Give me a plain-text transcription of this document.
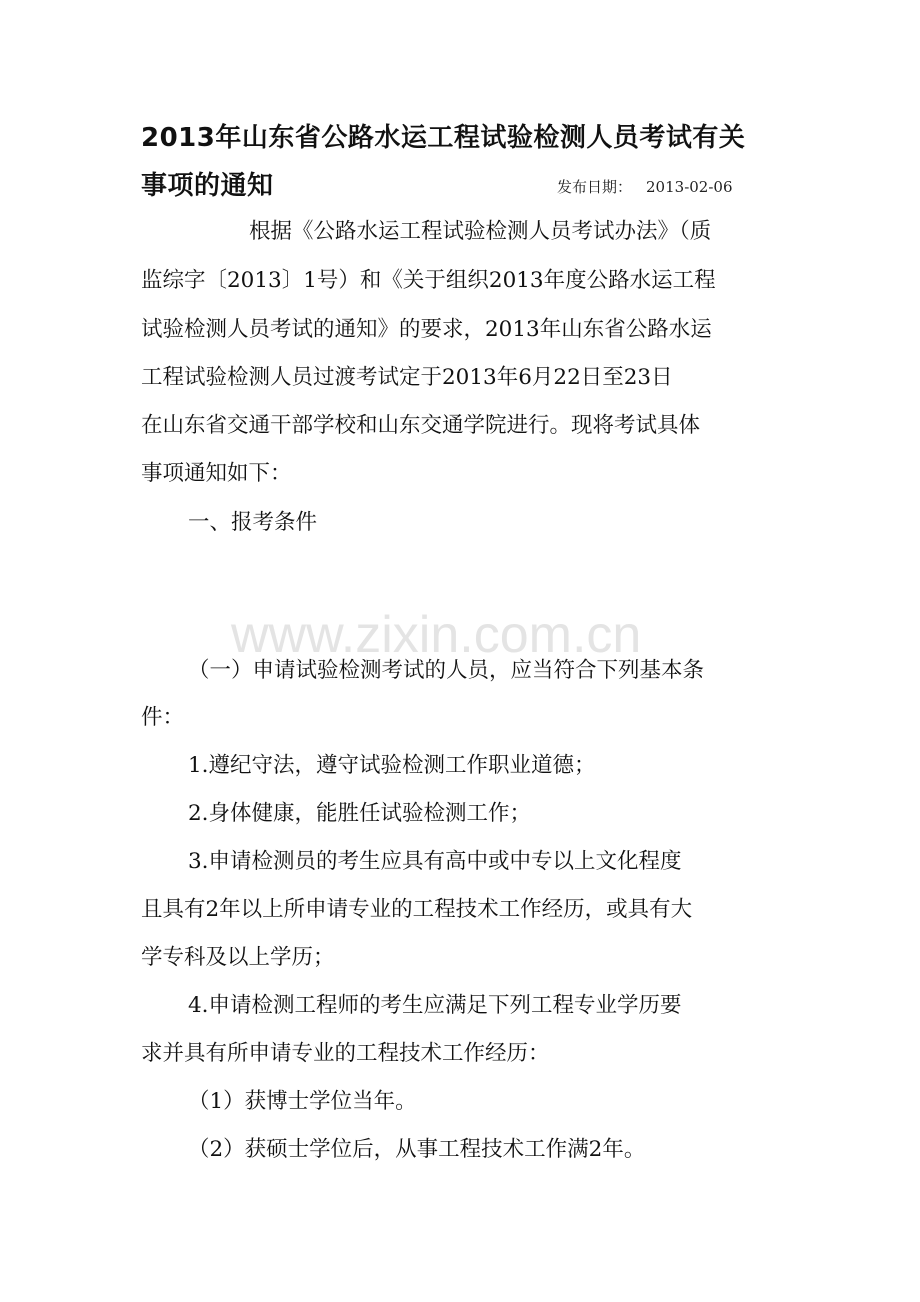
2013年山东省公路水运工程试验检测人员考试有关
事项的通知	发布日期： 2013-02-06
根据《公路水运工程试验检测人员考试办法》（质
监综字〔2013〕1号）和《关于组织2013年度公路水运工程
试验检测人员考试的通知》的要求，2013年山东省公路水运
工程试验检测人员过渡考试定于2013年6月22日至23日
在山东省交通干部学校和山东交通学院进行。现将考试具体
事项通知如下：
一、报考条件
www.zixin.com.cn
（一）申请试验检测考试的人员，应当符合下列基本条
件：
1.遵纪守法，遵守试验检测工作职业道德；
2.身体健康，能胜任试验检测工作；
3.申请检测员的考生应具有高中或中专以上文化程度
且具有2年以上所申请专业的工程技术工作经历，或具有大
学专科及以上学历；
4.申请检测工程师的考生应满足下列工程专业学历要
求并具有所申请专业的工程技术工作经历：
（1）获博士学位当年。
（2）获硕士学位后，从事工程技术工作满2年。
